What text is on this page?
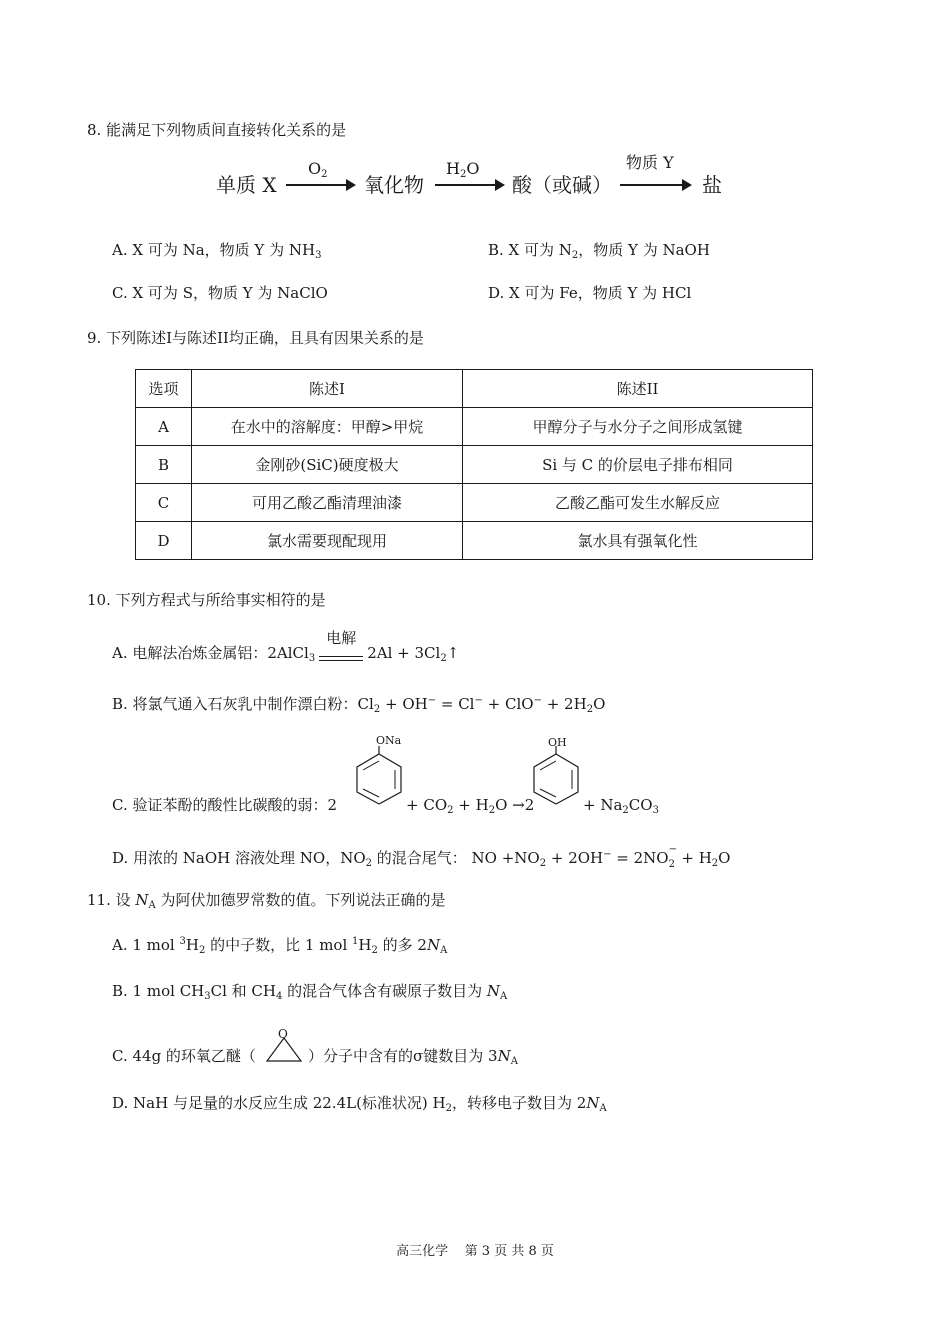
8. 能满足下列物质间直接转化关系的是
单质 X
$O_2$ 氧化物
$H_2O$
酸（或碱）
物质 Y
盐
A. X 可为 Na，物质 Y 为 $NH_3$	B. X 可为 $N_2$，物质 Y 为 NaOH
C. X 可为 S，物质 Y 为 NaClO	D. X 可为 Fe，物质 Y 为 HCl
9. 下列陈述I与陈述II均正确，且具有因果关系的是
选项	陈述I	陈述II
A	在水中的溶解度：甲醇>甲烷	甲醇分子与水分子之间形成氢键
B	金刚砂(SiC)硬度极大	Si 与 C 的价层电子排布相同
C	可用乙酸乙酯清理油漆	乙酸乙酯可发生水解反应
D	氯水需要现配现用	氯水具有强氧化性
10. 下列方程式与所给事实相符的是
A. 电解法冶炼金属铝：2AlCl$_3$
电解
$2Al + 3Cl_2↑$
B. 将氯气通入石灰乳中制作漂白粉：$Cl_2 + OH^- = Cl^- + ClO^- + 2H_2O$
ONa	OH
C. 验证苯酚的酸性比碳酸的弱：2	+ $CO_2 + H_2O \to 2$	+ $Na_2CO_3$
D. 用浓的 NaOH 溶液处理 NO，$NO_2$ 的混合尾气： NO $+NO_2 + 2OH^- = 2NO$ −
$2 + H_2O$
11. 设 $N_A$ 为阿伏加德罗常数的值。下列说法正确的是
A. 1 mol $^3H_2$ 的中子数，比 1 mol $^1H_2$ 的多 $2N_A$
B. 1 mol $CH_3Cl$ 和 $CH_4$ 的混合气体含有碳原子数目为 $N_A$
O
C. 44g 的环氧乙醚（	）分子中含有的σ键数目为 $3N_A$
D. NaH 与足量的水反应生成 22.4L(标准状况) $H_2$，转移电子数目为 $2N_A$
高三化学    第 3 页 共 8 页
